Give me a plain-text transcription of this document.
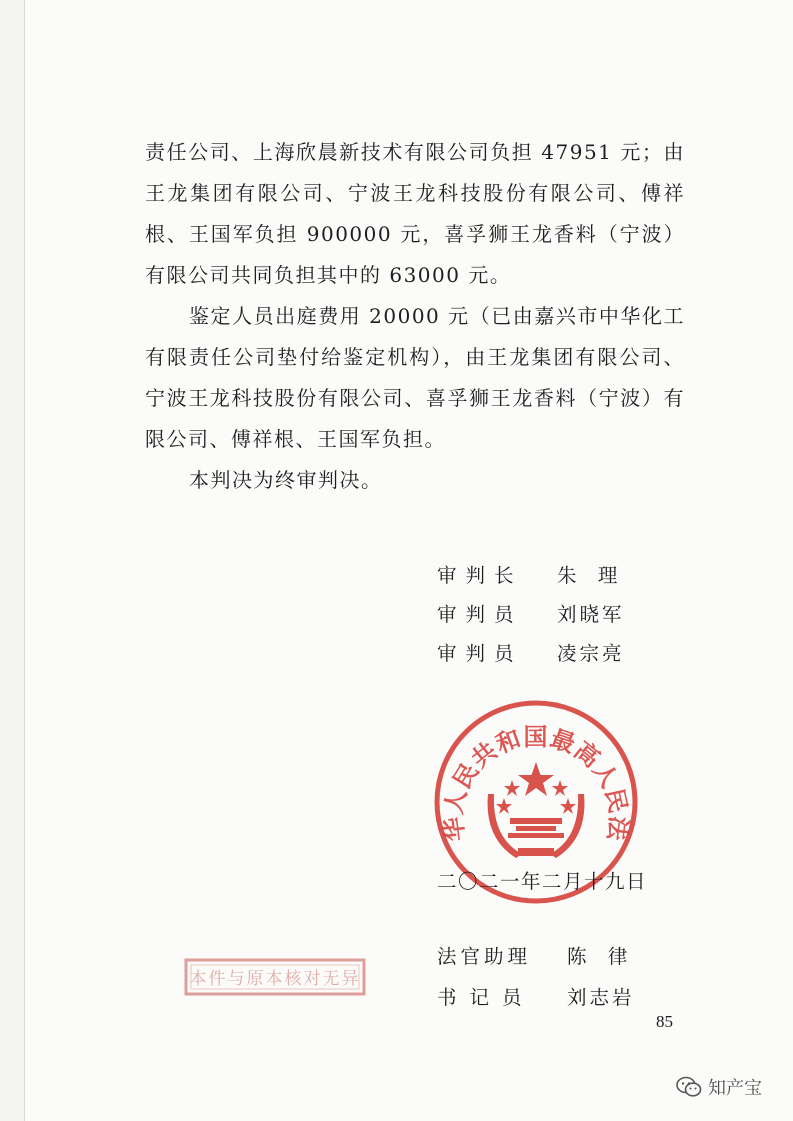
责任公司、上海欣晨新技术有限公司负担 47951 元；由王龙集团有限公司、宁波王龙科技股份有限公司、傅祥根、王国军负担 900000 元，喜孚狮王龙香料（宁波）有限公司共同负担其中的 63000 元。

鉴定人员出庭费用 20000 元（已由嘉兴市中华化工有限责任公司垫付给鉴定机构），由王龙集团有限公司、宁波王龙科技股份有限公司、喜孚狮王龙香料（宁波）有限公司、傅祥根、王国军负担。

本判决为终审判决。

审判长	朱  理
审判员	刘晓军
审判员	凌宗亮
华人民共和国最高人民法
二〇二一年二月十九日
法官助理	陈  律
书记员	刘志岩
本件与原本核对无异
85
知产宝
